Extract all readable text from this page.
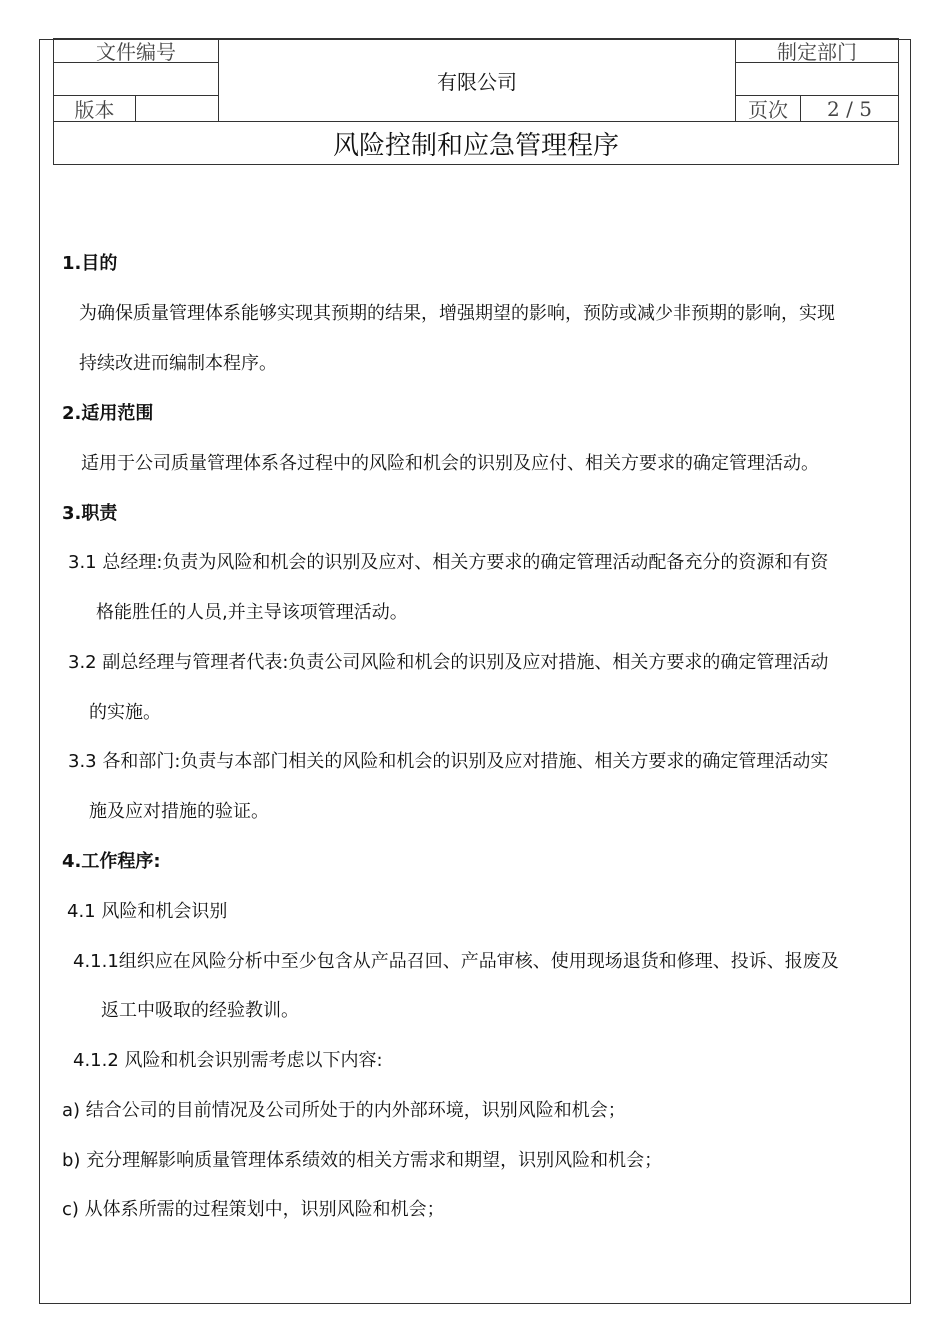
文件编号
版本
有限公司
制定部门
页次	2 / 5
风险控制和应急管理程序
1.目的
为确保质量管理体系能够实现其预期的结果，增强期望的影响，预防或减少非预期的影响，实现
持续改进而编制本程序。
2.适用范围
适用于公司质量管理体系各过程中的风险和机会的识别及应付、相关方要求的确定管理活动。
3.职责
3.1 总经理:负责为风险和机会的识别及应对、相关方要求的确定管理活动配备充分的资源和有资
格能胜任的人员,并主导该项管理活动。
3.2 副总经理与管理者代表:负责公司风险和机会的识别及应对措施、相关方要求的确定管理活动
的实施。
3.3 各和部门:负责与本部门相关的风险和机会的识别及应对措施、相关方要求的确定管理活动实
施及应对措施的验证。
4.工作程序:
4.1 风险和机会识别
4.1.1组织应在风险分析中至少包含从产品召回、产品审核、使用现场退货和修理、投诉、报废及
返工中吸取的经验教训。
4.1.2 风险和机会识别需考虑以下内容:
a) 结合公司的目前情况及公司所处于的内外部环境，识别风险和机会；
b) 充分理解影响质量管理体系绩效的相关方需求和期望，识别风险和机会；
c) 从体系所需的过程策划中，识别风险和机会；
